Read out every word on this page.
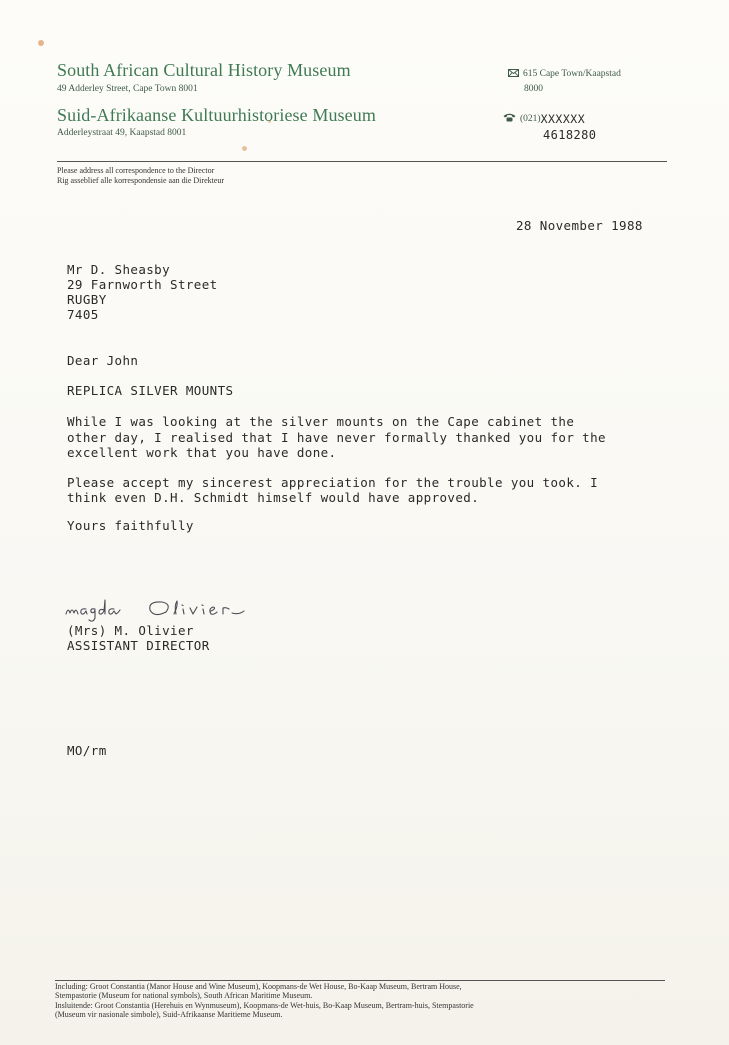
South African Cultural History Museum
49 Adderley Street, Cape Town 8001
Suid-Afrikaanse Kultuurhistoriese Museum
Adderleystraat 49, Kaapstad 8001
615 Cape Town/Kaapstad
8000
(021)XXXXXX
4618280
Please address all correspondence to the Director
Rig asseblief alle korrespondensie aan die Direkteur
28 November 1988
Mr D. Sheasby
29 Farnworth Street
RUGBY
7405
Dear John
REPLICA SILVER MOUNTS
While I was looking at the silver mounts on the Cape cabinet the
other day, I realised that I have never formally thanked you for the
excellent work that you have done.
Please accept my sincerest appreciation for the trouble you took. I
think even D.H. Schmidt himself would have approved.
Yours faithfully
(Mrs) M. Olivier
ASSISTANT DIRECTOR
MO/rm
Including: Groot Constantia (Manor House and Wine Museum), Koopmans-de Wet House, Bo-Kaap Museum, Bertram House,
Stempastorie (Museum for national symbols), South African Maritime Museum.
Insluitende: Groot Constantia (Herehuis en Wynmuseum), Koopmans-de Wet-huis, Bo-Kaap Museum, Bertram-huis, Stempastorie
(Museum vir nasionale simbole), Suid-Afrikaanse Maritieme Museum.
